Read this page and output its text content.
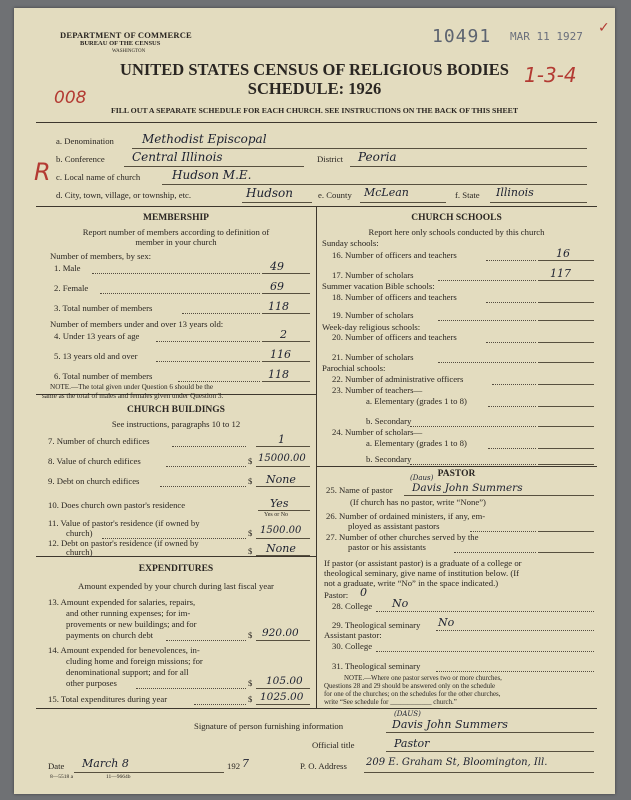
DEPARTMENT OF COMMERCE
BUREAU OF THE CENSUS
WASHINGTON
10491 MAR 11 1927
✓
UNITED STATES CENSUS OF RELIGIOUS BODIES 1-3-4
SCHEDULE: 1926
008
FILL OUT A SEPARATE SCHEDULE FOR EACH CHURCH. SEE INSTRUCTIONS ON THE BACK OF THIS SHEET
R
a. Denomination Methodist Episcopal
b. Conference Central Illinois	District Peoria
c. Local name of church	Hudson M.E.
d. City, town, village, or township, etc.	Hudson	e. County McLean	f. State Illinois
MEMBERSHIP
Report number of members according to definition of
member in your church
Number of members, by sex:
1. Male	49
2. Female	69
3. Total number of members	118
Number of members under and over 13 years old:
4. Under 13 years of age	2
5. 13 years old and over	116
6. Total number of members	118
NOTE.—The total given under Question 6 should be the
same as the total of males and females given under Question 3.
CHURCH BUILDINGS
See instructions, paragraphs 10 to 12
7. Number of church edifices	1
8. Value of church edifices	$ 15000.00
9. Debt on church edifices	$ None
10. Does church own pastor's residence	Yes
Yes or No
11. Value of pastor's residence (if owned by
church)	$ 1500.00
12. Debt on pastor's residence (if owned by
church)	$ None
EXPENDITURES
Amount expended by your church during last fiscal year
13. Amount expended for salaries, repairs,
and other running expenses; for im-
provements or new buildings; and for
payments on church debt	$ 920.00
14. Amount expended for benevolences, in-
cluding home and foreign missions; for
denominational support; and for all
other purposes	$ 105.00
15. Total expenditures during year	$ 1025.00
CHURCH SCHOOLS
Report here only schools conducted by this church
Sunday schools:
16. Number of officers and teachers	16
17. Number of scholars	117
Summer vacation Bible schools:
18. Number of officers and teachers
19. Number of scholars
Week-day religious schools:
20. Number of officers and teachers
21. Number of scholars
Parochial schools:
22. Number of administrative officers
23. Number of teachers—
a. Elementary (grades 1 to 8)
b. Secondary
24. Number of scholars—
a. Elementary (grades 1 to 8)
b. Secondary
PASTOR
25. Name of pastor
(Daus)
Davis John Summers
(If church has no pastor, write “None”)
26. Number of ordained ministers, if any, em-
ployed as assistant pastors
27. Number of other churches served by the
pastor or his assistants
If pastor (or assistant pastor) is a graduate of a college or
theological seminary, give name of institution below. (If
not a graduate, write “No” in the space indicated.)
Pastor: 0
28. College No
29. Theological seminary No
Assistant pastor:
30. College
31. Theological seminary
NOTE.—Where one pastor serves two or more churches,
Questions 28 and 29 should be answered only on the schedule
for one of the churches; on the schedules for the other churches,
write “See schedule for ____________ church.”
Signature of person furnishing information
(DAUS)
Davis John Summers
Official title	Pastor
Date March 8	192 7
8—5518 a	11—9664b
P. O. Address 209 E. Graham St, Bloomington, Ill.
